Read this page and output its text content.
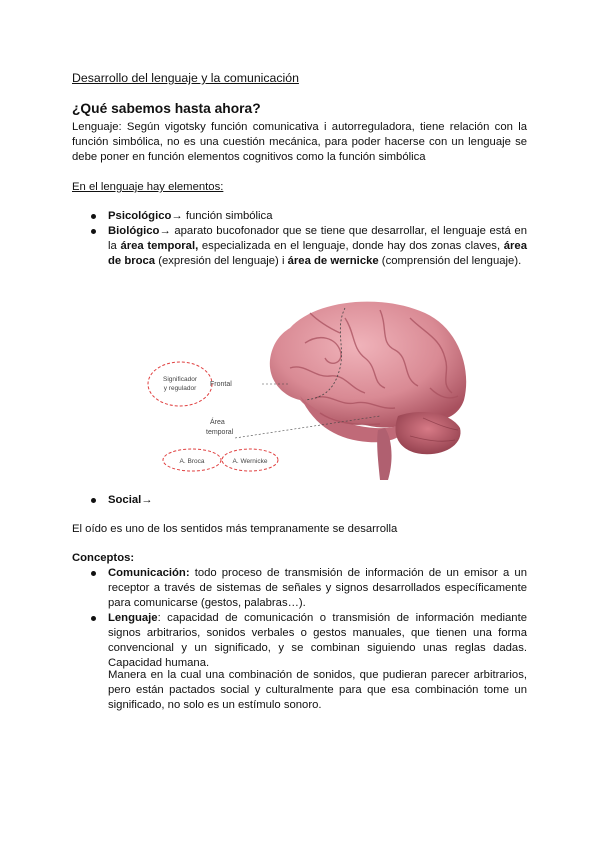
Desarrollo del lenguaje y la comunicación
¿Qué sabemos hasta ahora?
Lenguaje: Según vigotsky función comunicativa i autorreguladora, tiene relación con la función simbólica, no es una cuestión mecánica, para poder hacerse con un lenguaje se debe poner en función elementos cognitivos como la función simbólica
En el lenguaje hay elementos:
Psicológico→ función simbólica
Biológico→ aparato bucofonador que se tiene que desarrollar, el lenguaje está en la área temporal, especializada en el lenguaje, donde hay dos zonas claves, área de broca (expresión del lenguaje) i área de wernicke (comprensión del lenguaje).
Significador
y regulador
Frontal
Área
temporal
A. Broca	A. Wernicke
Social→
El oído es uno de los sentidos más tempranamente se desarrolla
Conceptos:
Comunicación: todo proceso de transmisión de información de un emisor a un receptor a través de sistemas de señales y signos desarrollados específicamente para comunicarse (gestos, palabras…).
Lenguaje: capacidad de comunicación o transmisión de información mediante signos arbitrarios, sonidos verbales o gestos manuales, que tienen una forma convencional y un significado, y se combinan siguiendo unas reglas dadas. Capacidad humana.
Manera en la cual una combinación de sonidos, que pudieran parecer arbitrarios, pero están pactados social y culturalmente para que esa combinación tome un significado, no solo es un estímulo sonoro.
